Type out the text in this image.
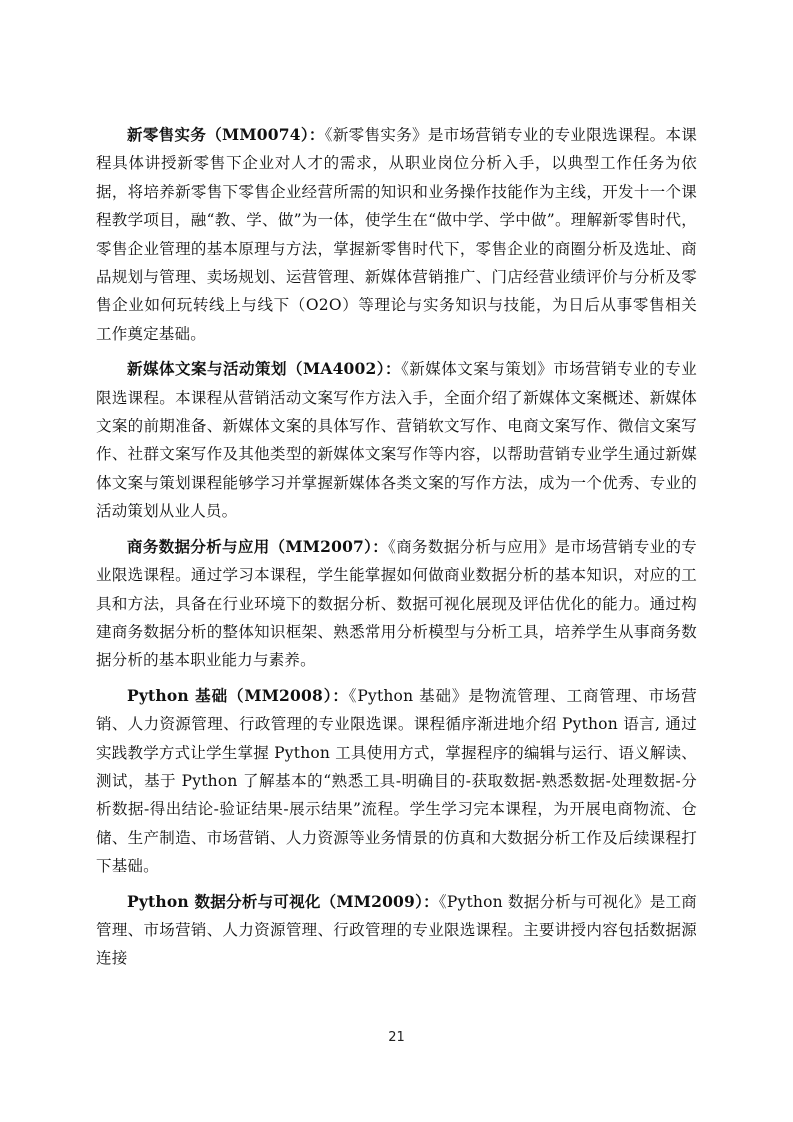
新零售实务（MM0074）：《新零售实务》是市场营销专业的专业限选课程。本课程具体讲授新零售下企业对人才的需求，从职业岗位分析入手，以典型工作任务为依据，将培养新零售下零售企业经营所需的知识和业务操作技能作为主线，开发十一个课程教学项目，融“教、学、做”为一体，使学生在“做中学、学中做”。理解新零售时代，零售企业管理的基本原理与方法，掌握新零售时代下，零售企业的商圈分析及选址、商品规划与管理、卖场规划、运营管理、新媒体营销推广、门店经营业绩评价与分析及零售企业如何玩转线上与线下（O2O）等理论与实务知识与技能，为日后从事零售相关工作奠定基础。

新媒体文案与活动策划（MA4002）：《新媒体文案与策划》市场营销专业的专业限选课程。本课程从营销活动文案写作方法入手，全面介绍了新媒体文案概述、新媒体文案的前期准备、新媒体文案的具体写作、营销软文写作、电商文案写作、微信文案写作、社群文案写作及其他类型的新媒体文案写作等内容，以帮助营销专业学生通过新媒体文案与策划课程能够学习并掌握新媒体各类文案的写作方法，成为一个优秀、专业的活动策划从业人员。

商务数据分析与应用（MM2007）：《商务数据分析与应用》是市场营销专业的专业限选课程。通过学习本课程，学生能掌握如何做商业数据分析的基本知识，对应的工具和方法，具备在行业环境下的数据分析、数据可视化展现及评估优化的能力。通过构建商务数据分析的整体知识框架、熟悉常用分析模型与分析工具，培养学生从事商务数据分析的基本职业能力与素养。

Python 基础（MM2008）：《Python 基础》是物流管理、工商管理、市场营销、人力资源管理、行政管理的专业限选课。课程循序渐进地介绍 Python 语言, 通过实践教学方式让学生掌握 Python 工具使用方式，掌握程序的编辑与运行、语义解读、测试，基于 Python 了解基本的“熟悉工具-明确目的-获取数据-熟悉数据-处理数据-分析数据-得出结论-验证结果-展示结果”流程。学生学习完本课程，为开展电商物流、仓储、生产制造、市场营销、人力资源等业务情景的仿真和大数据分析工作及后续课程打下基础。

Python 数据分析与可视化（MM2009）：《Python 数据分析与可视化》是工商管理、市场营销、人力资源管理、行政管理的专业限选课程。主要讲授内容包括数据源连接

21
